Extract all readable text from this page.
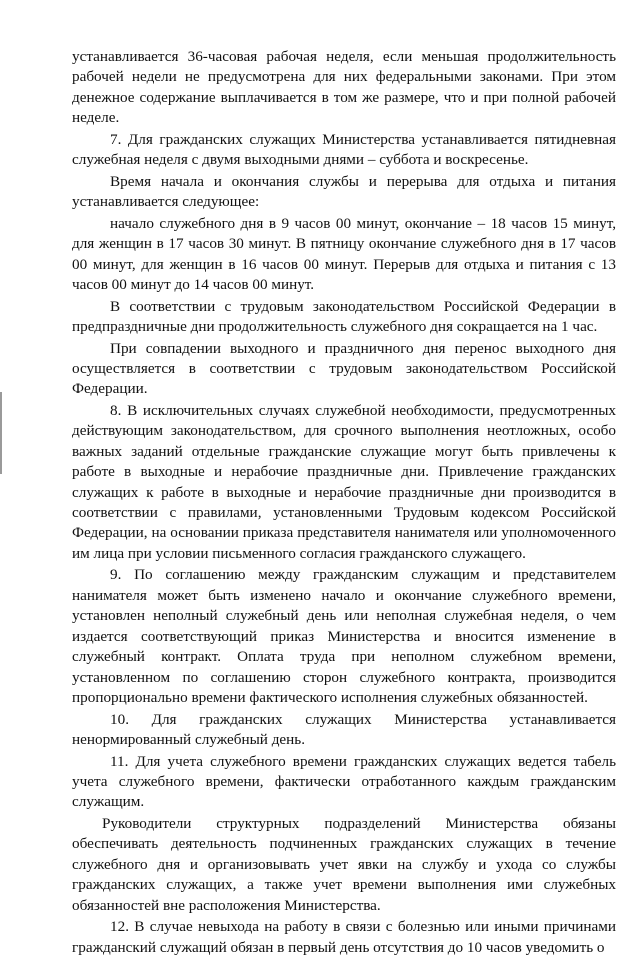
устанавливается 36-часовая рабочая неделя, если меньшая продолжительность рабочей недели не предусмотрена для них федеральными законами. При этом денежное содержание выплачивается в том же размере, что и при полной рабочей неделе.

7. Для гражданских служащих Министерства устанавливается пятидневная служебная неделя с двумя выходными днями – суббота и воскресенье.

Время начала и окончания службы и перерыва для отдыха и питания устанавливается следующее:

начало служебного дня в 9 часов 00 минут, окончание – 18 часов 15 минут, для женщин в 17 часов 30 минут. В пятницу окончание служебного дня в 17 часов 00 минут, для женщин в 16 часов 00 минут. Перерыв для отдыха и питания с 13 часов 00 минут до 14 часов 00 минут.

В соответствии с трудовым законодательством Российской Федерации в предпраздничные дни продолжительность служебного дня сокращается на 1 час.

При совпадении выходного и праздничного дня перенос выходного дня осуществляется в соответствии с трудовым законодательством Российской Федерации.

8. В исключительных случаях служебной необходимости, предусмотренных действующим законодательством, для срочного выполнения неотложных, особо важных заданий отдельные гражданские служащие могут быть привлечены к работе в выходные и нерабочие праздничные дни. Привлечение гражданских служащих к работе в выходные и нерабочие праздничные дни производится в соответствии с правилами, установленными Трудовым кодексом Российской Федерации, на основании приказа представителя нанимателя или уполномоченного им лица при условии письменного согласия гражданского служащего.

9. По соглашению между гражданским служащим и представителем нанимателя может быть изменено начало и окончание служебного времени, установлен неполный служебный день или неполная служебная неделя, о чем издается соответствующий приказ Министерства и вносится изменение в служебный контракт. Оплата труда при неполном служебном времени, установленном по соглашению сторон служебного контракта, производится пропорционально времени фактического исполнения служебных обязанностей.

10. Для гражданских служащих Министерства устанавливается ненормированный служебный день.

11. Для учета служебного времени гражданских служащих ведется табель учета служебного времени, фактически отработанного каждым гражданским служащим.

Руководители структурных подразделений Министерства обязаны обеспечивать деятельность подчиненных гражданских служащих в течение служебного дня и организовывать учет явки на службу и ухода со службы гражданских служащих, а также учет времени выполнения ими служебных обязанностей вне расположения Министерства.

12. В случае невыхода на работу в связи с болезнью или иными причинами гражданский служащий обязан в первый день отсутствия до 10 часов уведомить о
